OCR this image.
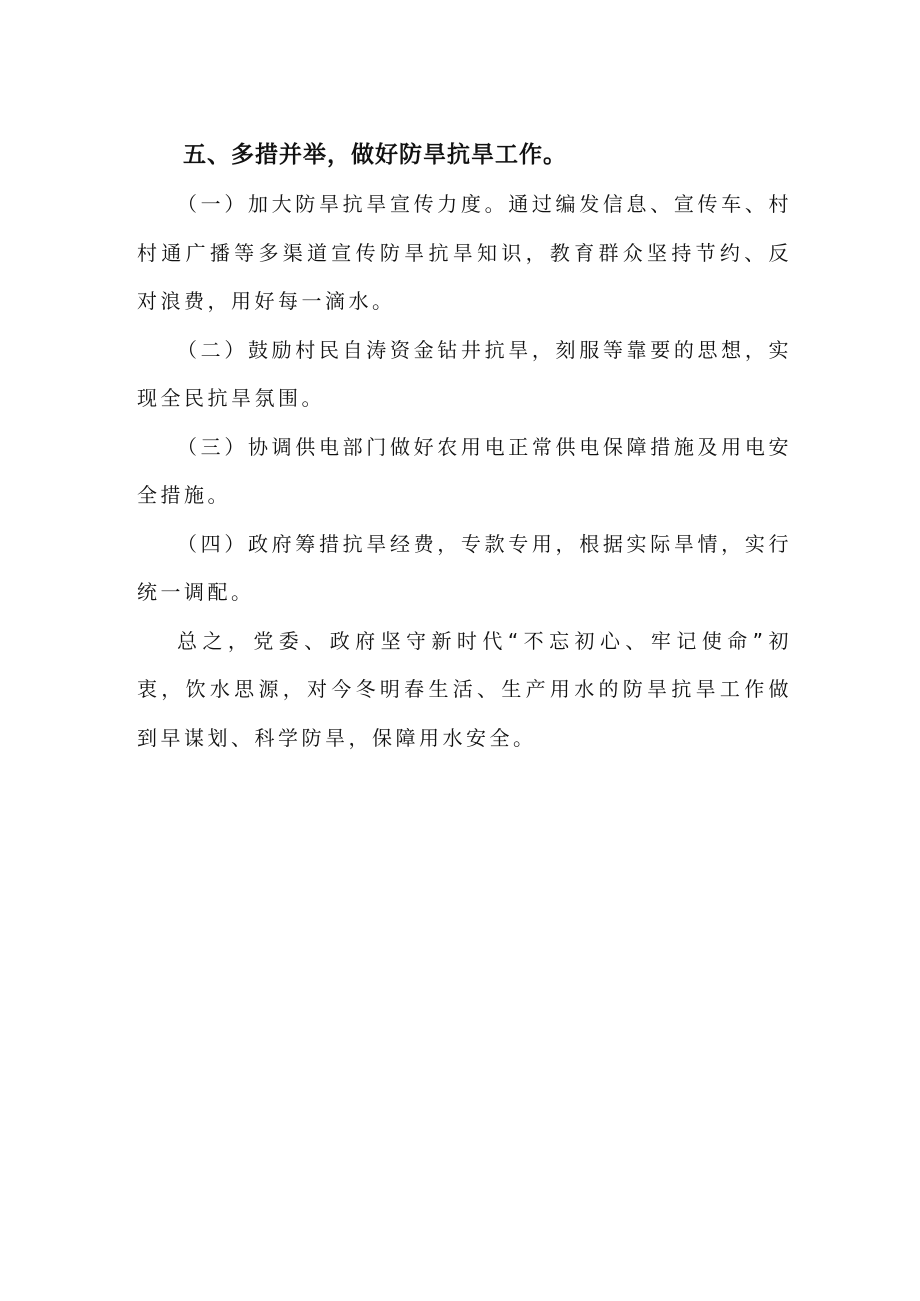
五、多措并举，做好防旱抗旱工作。

（一）加大防旱抗旱宣传力度。通过编发信息、宣传车、村村通广播等多渠道宣传防旱抗旱知识，教育群众坚持节约、反对浪费，用好每一滴水。

（二）鼓励村民自涛资金钻井抗旱，刻服等靠要的思想，实现全民抗旱氛围。

（三）协调供电部门做好农用电正常供电保障措施及用电安全措施。

（四）政府筹措抗旱经费，专款专用，根据实际旱情，实行统一调配。

总之，党委、政府坚守新时代“不忘初心、牢记使命”初衷，饮水思源，对今冬明春生活、生产用水的防旱抗旱工作做到早谋划、科学防旱，保障用水安全。
